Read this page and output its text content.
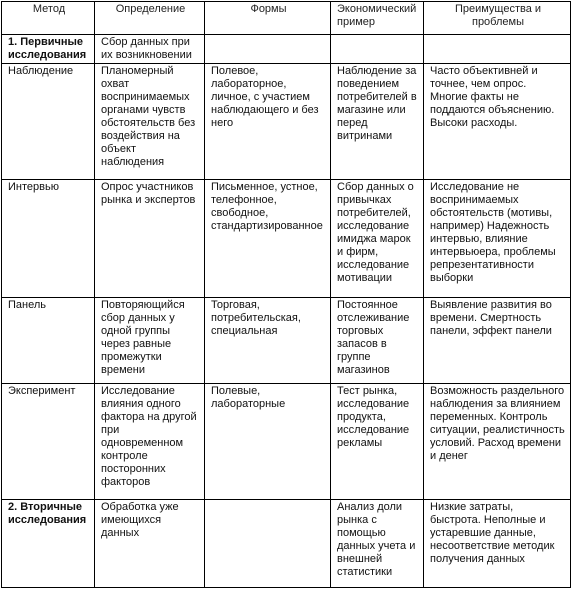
Метод	Определение	Формы	Экономический пример	Преимущества и проблемы
1. Первичные исследования	Сбор данных при их возникновении			
Наблюдение	Планомерный охват воспринимаемых органами чувств обстоятельств без воздействия на объект наблюдения	Полевое, лабораторное, личное, с участием наблюдающего и без него	Наблюдение за поведением потребителей в магазине или перед витринами	Часто объективней и точнее, чем опрос. Многие факты не поддаются объяснению. Высоки расходы.
Интервью	Опрос участников рынка и экспертов	Письменное, устное, телефонное, свободное, стандартизированное	Сбор данных о привычках потребителей, исследование имиджа марок и фирм, исследование мотивации	Исследование не воспринимаемых обстоятельств (мотивы, например) Надежность интервью, влияние интервьюера, проблемы репрезентативности выборки
Панель	Повторяющийся сбор данных у одной группы через равные промежутки времени	Торговая, потребительская, специальная	Постоянное отслеживание торговых запасов в группе магазинов	Выявление развития во времени. Смертность панели, эффект панели
Эксперимент	Исследование влияния одного фактора на другой при одновременном контроле посторонних факторов	Полевые, лабораторные	Тест рынка, исследование продукта, исследование рекламы	Возможность раздельного наблюдения за влиянием переменных. Контроль ситуации, реалистичность условий. Расход времени и денег
2. Вторичные исследования	Обработка уже имеющихся данных		Анализ доли рынка с помощью данных учета и внешней статистики	Низкие затраты, быстрота. Неполные и устаревшие данные, несоответствие методик получения данных
